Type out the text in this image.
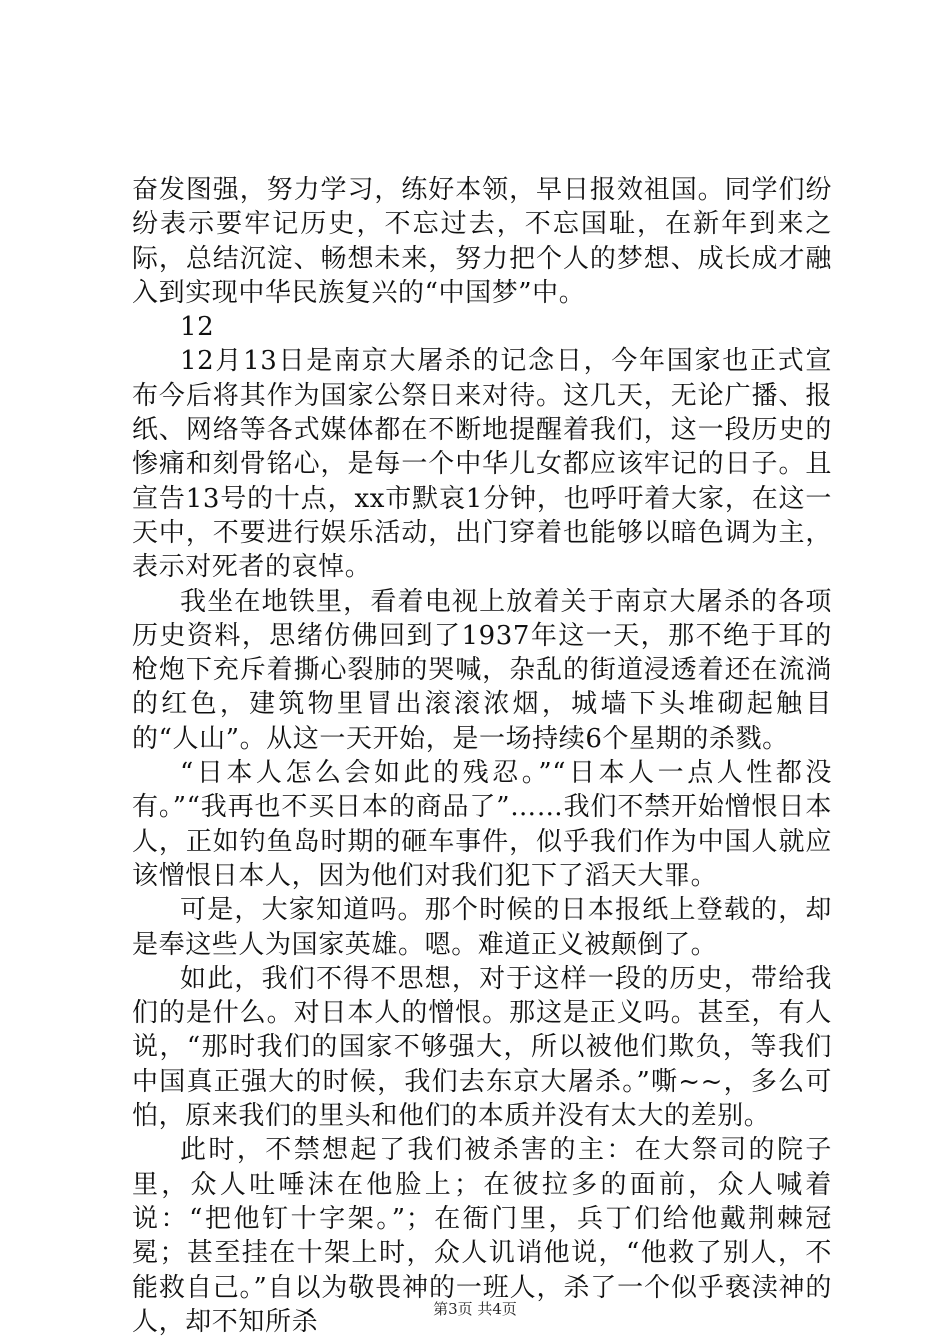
奋发图强，努力学习，练好本领，早日报效祖国。同学们纷纷表示要牢记历史，不忘过去，不忘国耻，在新年到来之际，总结沉淀、畅想未来，努力把个人的梦想、成长成才融入到实现中华民族复兴的“中国梦”中。

12

12月13日是南京大屠杀的记念日，今年国家也正式宣布今后将其作为国家公祭日来对待。这几天，无论广播、报纸、网络等各式媒体都在不断地提醒着我们，这一段历史的惨痛和刻骨铭心，是每一个中华儿女都应该牢记的日子。且宣告13号的十点，xx市默哀1分钟，也呼吁着大家，在这一天中，不要进行娱乐活动，出门穿着也能够以暗色调为主，表示对死者的哀悼。

我坐在地铁里，看着电视上放着关于南京大屠杀的各项历史资料，思绪仿佛回到了1937年这一天，那不绝于耳的枪炮下充斥着撕心裂肺的哭喊，杂乱的街道浸透着还在流淌的红色，建筑物里冒出滚滚浓烟，城墙下头堆砌起触目的“人山”。从这一天开始，是一场持续6个星期的杀戮。

“日本人怎么会如此的残忍。”“日本人一点人性都没有。”“我再也不买日本的商品了”……我们不禁开始憎恨日本人，正如钓鱼岛时期的砸车事件，似乎我们作为中国人就应该憎恨日本人，因为他们对我们犯下了滔天大罪。

可是，大家知道吗。那个时候的日本报纸上登载的，却是奉这些人为国家英雄。嗯。难道正义被颠倒了。

如此，我们不得不思想，对于这样一段的历史，带给我们的是什么。对日本人的憎恨。那这是正义吗。甚至，有人说，“那时我们的国家不够强大，所以被他们欺负，等我们中国真正强大的时候，我们去东京大屠杀。”嘶~~，多么可怕，原来我们的里头和他们的本质并没有太大的差别。

此时，不禁想起了我们被杀害的主：在大祭司的院子里，众人吐唾沫在他脸上；在彼拉多的面前，众人喊着说：“把他钉十字架。”；在衙门里，兵丁们给他戴荆棘冠冕；甚至挂在十架上时，众人讥诮他说，“他救了别人，不能救自己。”自以为敬畏神的一班人，杀了一个似乎亵渎神的人，却不知所杀	第3页 共4页
